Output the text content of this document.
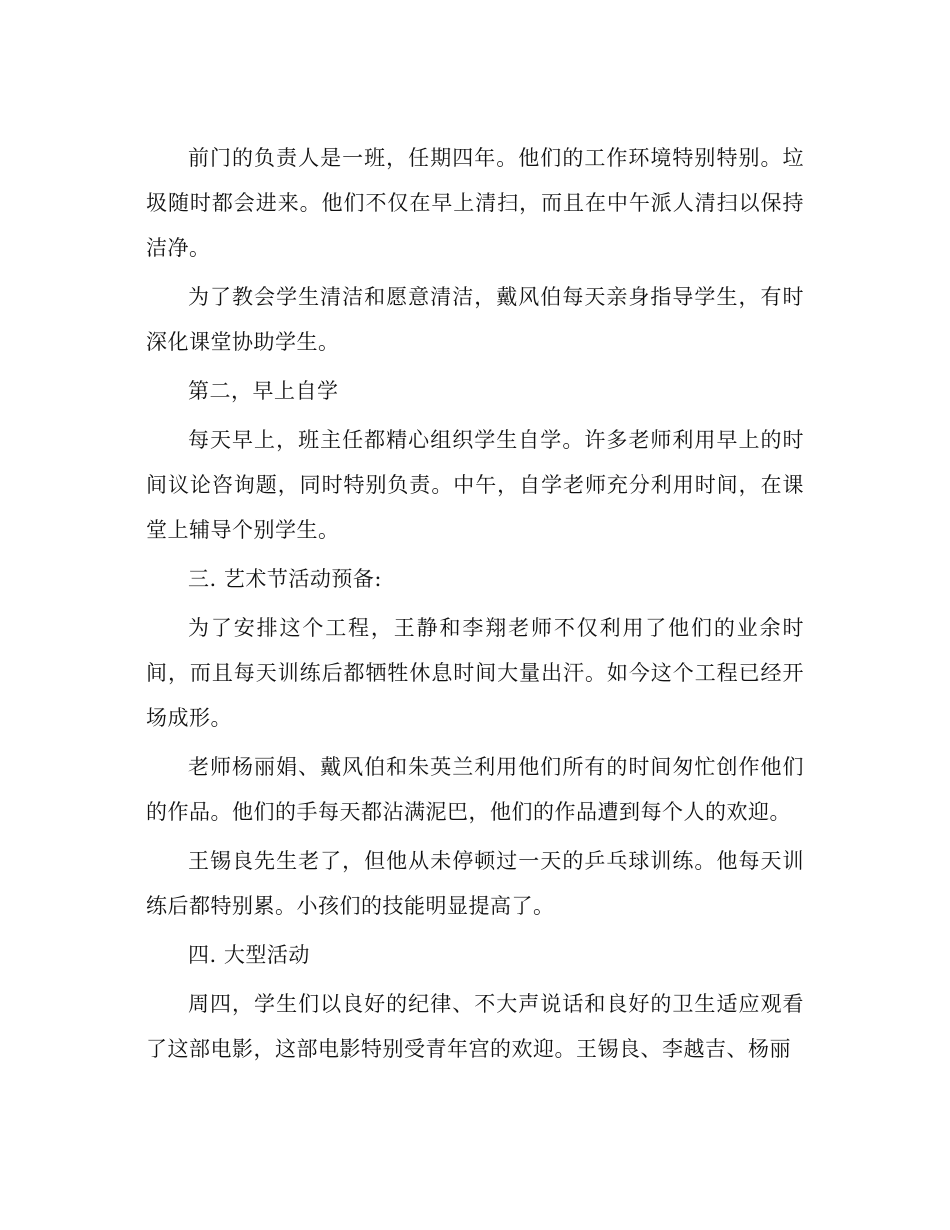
前门的负责人是一班，任期四年。他们的工作环境特别特别。垃圾随时都会进来。他们不仅在早上清扫，而且在中午派人清扫以保持洁净。

为了教会学生清洁和愿意清洁，戴风伯每天亲身指导学生，有时深化课堂协助学生。

第二，早上自学

每天早上，班主任都精心组织学生自学。许多老师利用早上的时间议论咨询题，同时特别负责。中午，自学老师充分利用时间，在课堂上辅导个别学生。

三. 艺术节活动预备:

为了安排这个工程，王静和李翔老师不仅利用了他们的业余时间，而且每天训练后都牺牲休息时间大量出汗。如今这个工程已经开场成形。

老师杨丽娟、戴风伯和朱英兰利用他们所有的时间匆忙创作他们的作品。他们的手每天都沾满泥巴，他们的作品遭到每个人的欢迎。

王锡良先生老了，但他从未停顿过一天的乒乓球训练。他每天训练后都特别累。小孩们的技能明显提高了。

四. 大型活动

周四，学生们以良好的纪律、不大声说话和良好的卫生适应观看了这部电影，这部电影特别受青年宫的欢迎。王锡良、李越吉、杨丽
